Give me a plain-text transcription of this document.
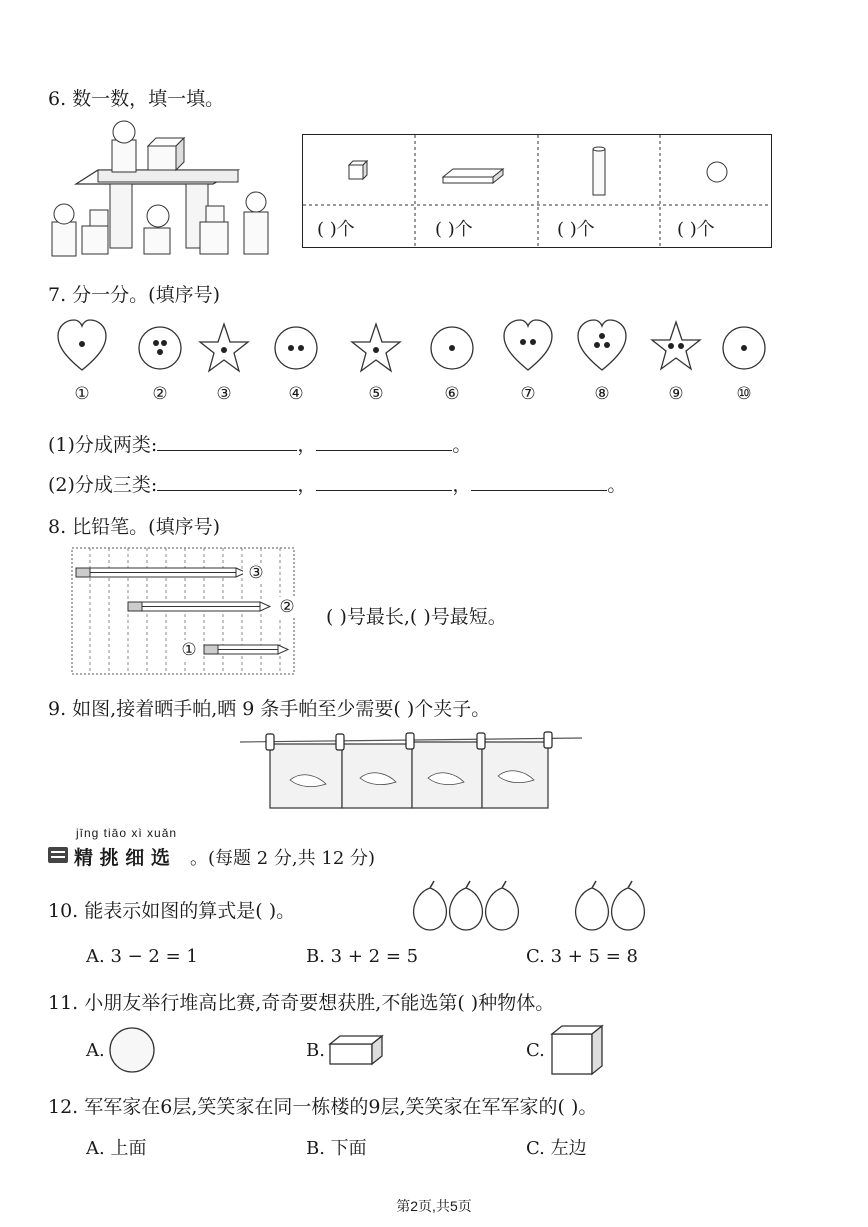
6. 数一数，填一填。
( )个	( )个	( )个	( )个
7. 分一分。(填序号)
①	②	③	④	⑤	⑥	⑦	⑧	⑨	⑩
(1)分成两类:	，	。
(2)分成三类:	，	，	。
8. 比铅笔。(填序号)
③
②
①
( )号最长,( )号最短。
9. 如图,接着晒手帕,晒 9 条手帕至少需要( )个夹子。
jīng tiāo xì xuǎn
精 挑 细 选 。(每题 2 分,共 12 分)
10. 能表示如图的算式是( )。
A. 3 − 2 = 1	B. 3 + 2 = 5	C. 3 + 5 = 8
11. 小朋友举行堆高比赛,奇奇要想获胜,不能选第( )种物体。
A.	B.	C.
12. 军军家在6层,笑笑家在同一栋楼的9层,笑笑家在军军家的( )。
A. 上面	B. 下面	C. 左边
第2页,共5页
